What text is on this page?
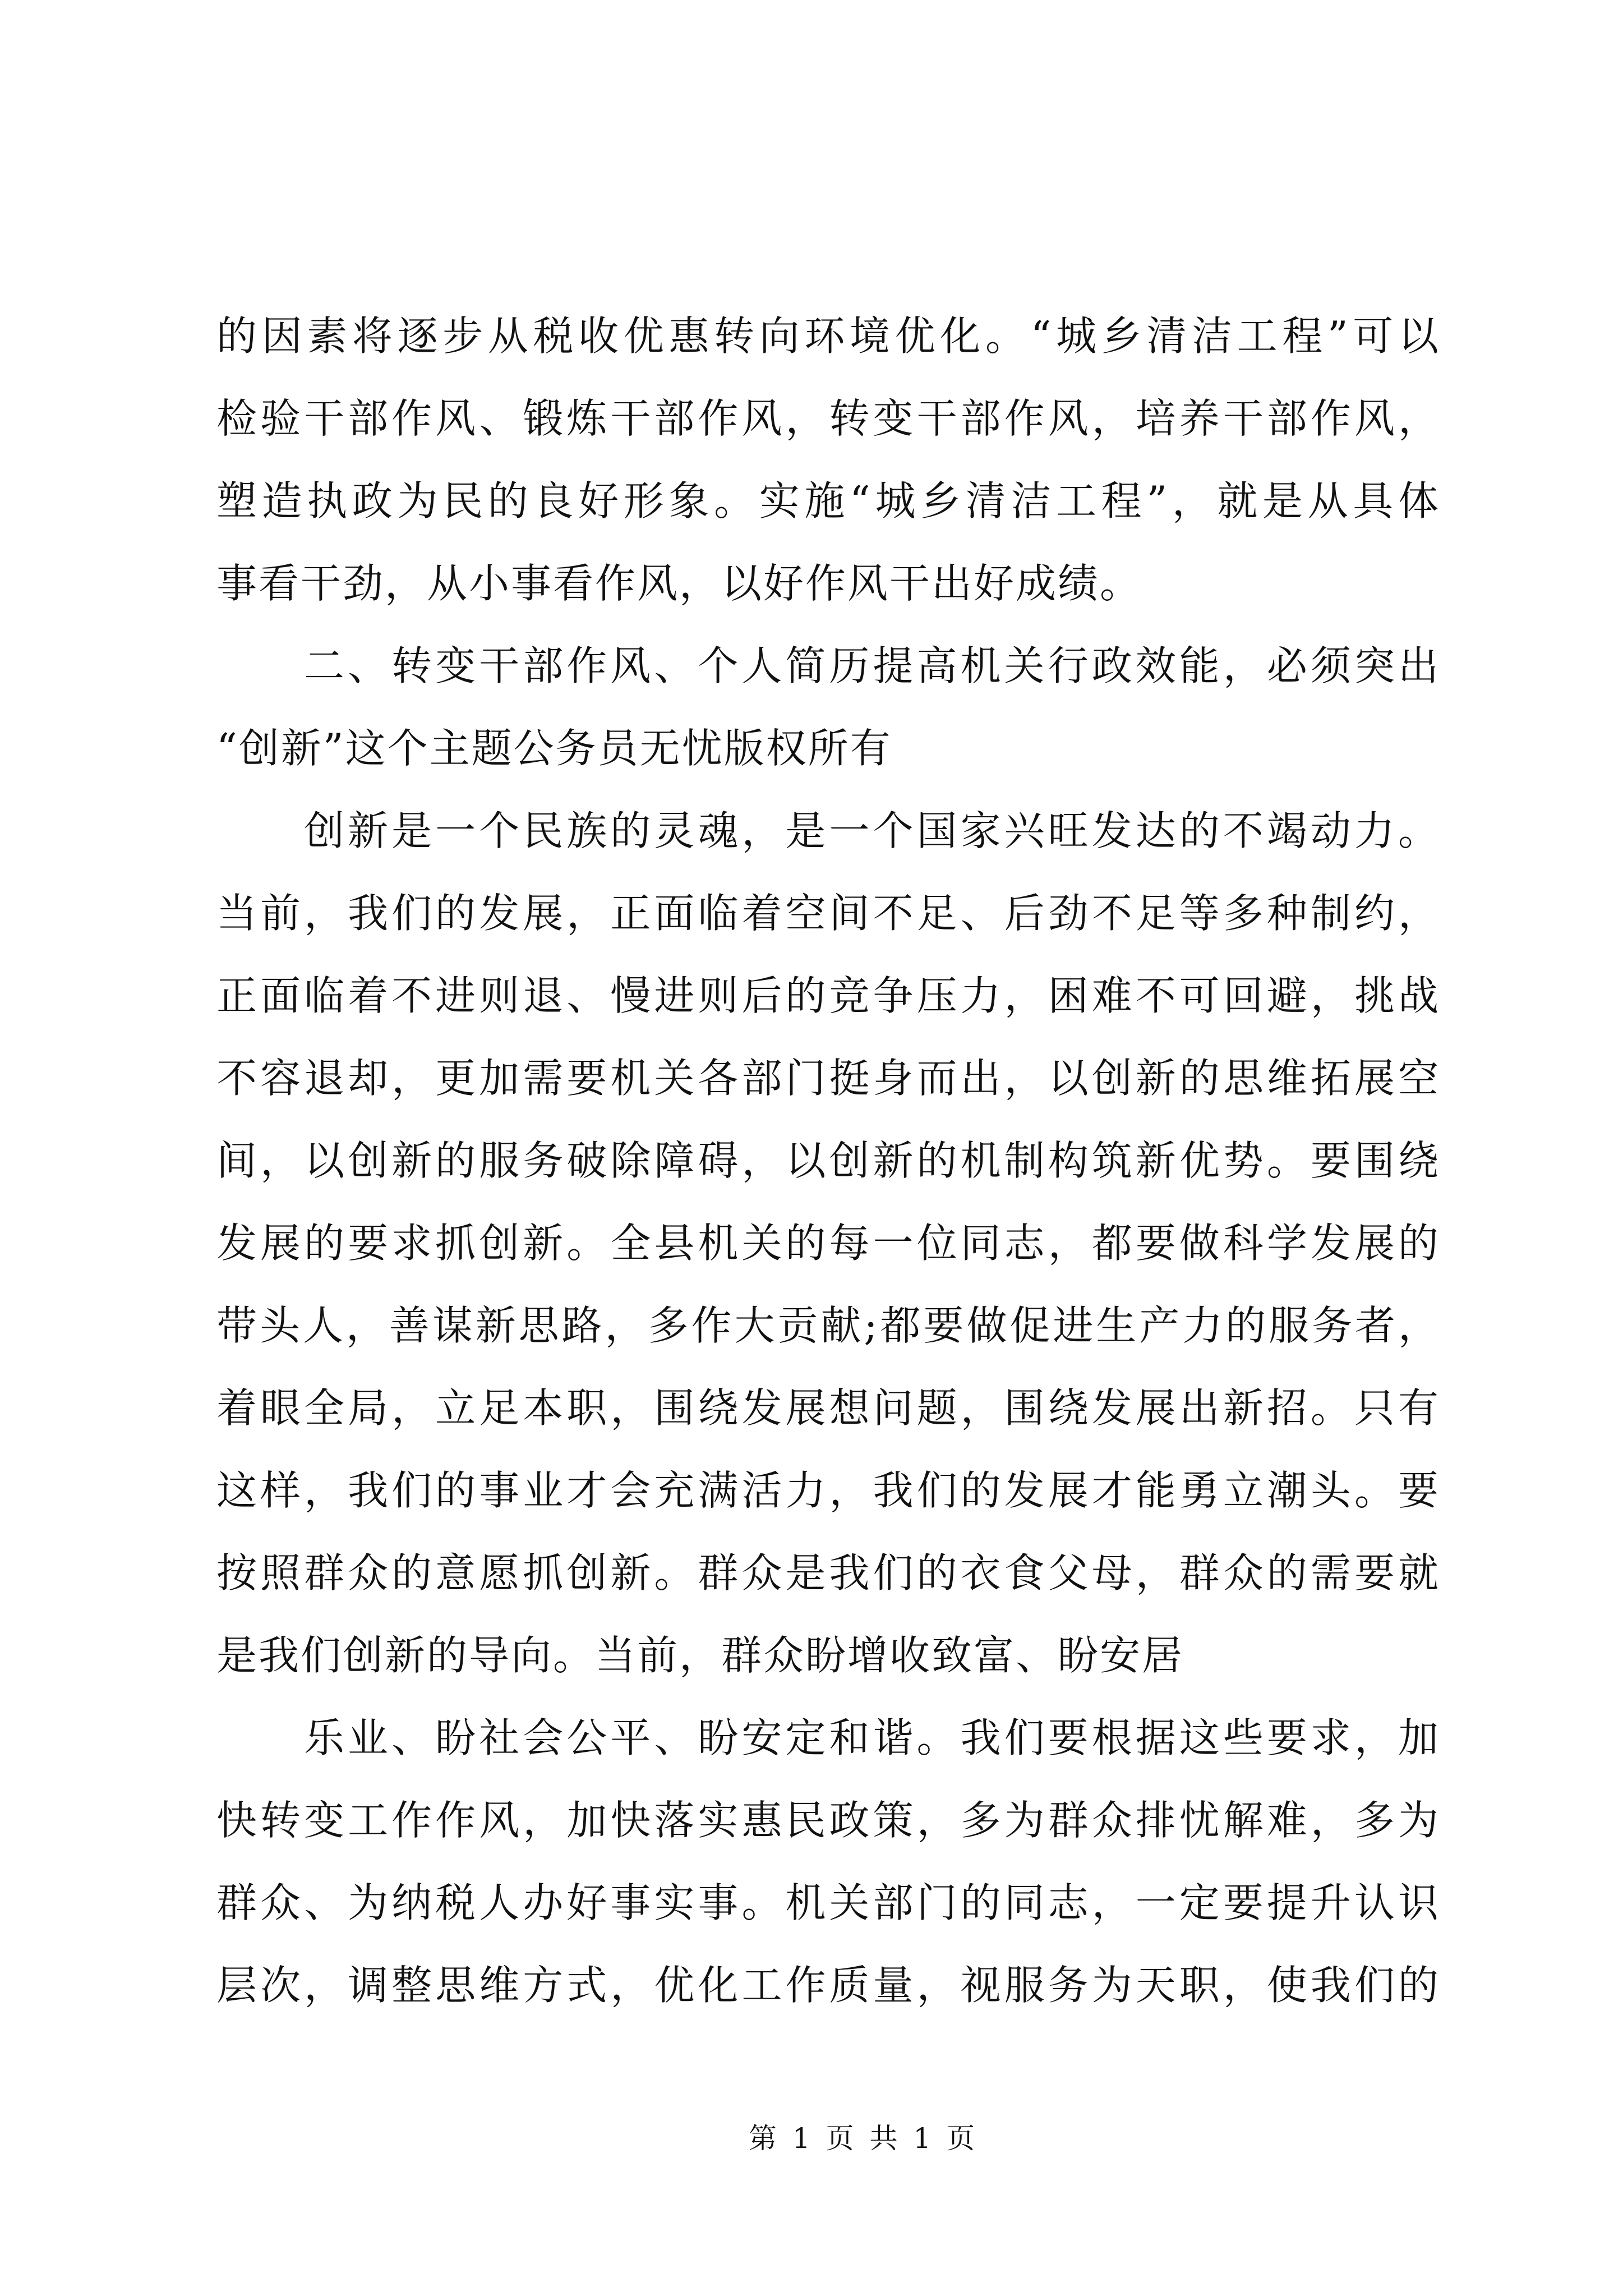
的因素将逐步从税收优惠转向环境优化。“城乡清洁工程”可以
检验干部作风、锻炼干部作风，转变干部作风，培养干部作风，
塑造执政为民的良好形象。实施“城乡清洁工程”，就是从具体
事看干劲，从小事看作风，以好作风干出好成绩。
二、转变干部作风、个人简历提高机关行政效能，必须突出
“创新”这个主题公务员无忧版权所有
创新是一个民族的灵魂，是一个国家兴旺发达的不竭动力。
当前，我们的发展，正面临着空间不足、后劲不足等多种制约，
正面临着不进则退、慢进则后的竞争压力，困难不可回避，挑战
不容退却，更加需要机关各部门挺身而出，以创新的思维拓展空
间，以创新的服务破除障碍，以创新的机制构筑新优势。要围绕
发展的要求抓创新。全县机关的每一位同志，都要做科学发展的
带头人，善谋新思路，多作大贡献;都要做促进生产力的服务者，
着眼全局，立足本职，围绕发展想问题，围绕发展出新招。只有
这样，我们的事业才会充满活力，我们的发展才能勇立潮头。要
按照群众的意愿抓创新。群众是我们的衣食父母，群众的需要就
是我们创新的导向。当前，群众盼增收致富、盼安居
乐业、盼社会公平、盼安定和谐。我们要根据这些要求，加
快转变工作作风，加快落实惠民政策，多为群众排忧解难，多为
群众、为纳税人办好事实事。机关部门的同志，一定要提升认识
层次，调整思维方式，优化工作质量，视服务为天职，使我们的
第 1 页 共 1 页
